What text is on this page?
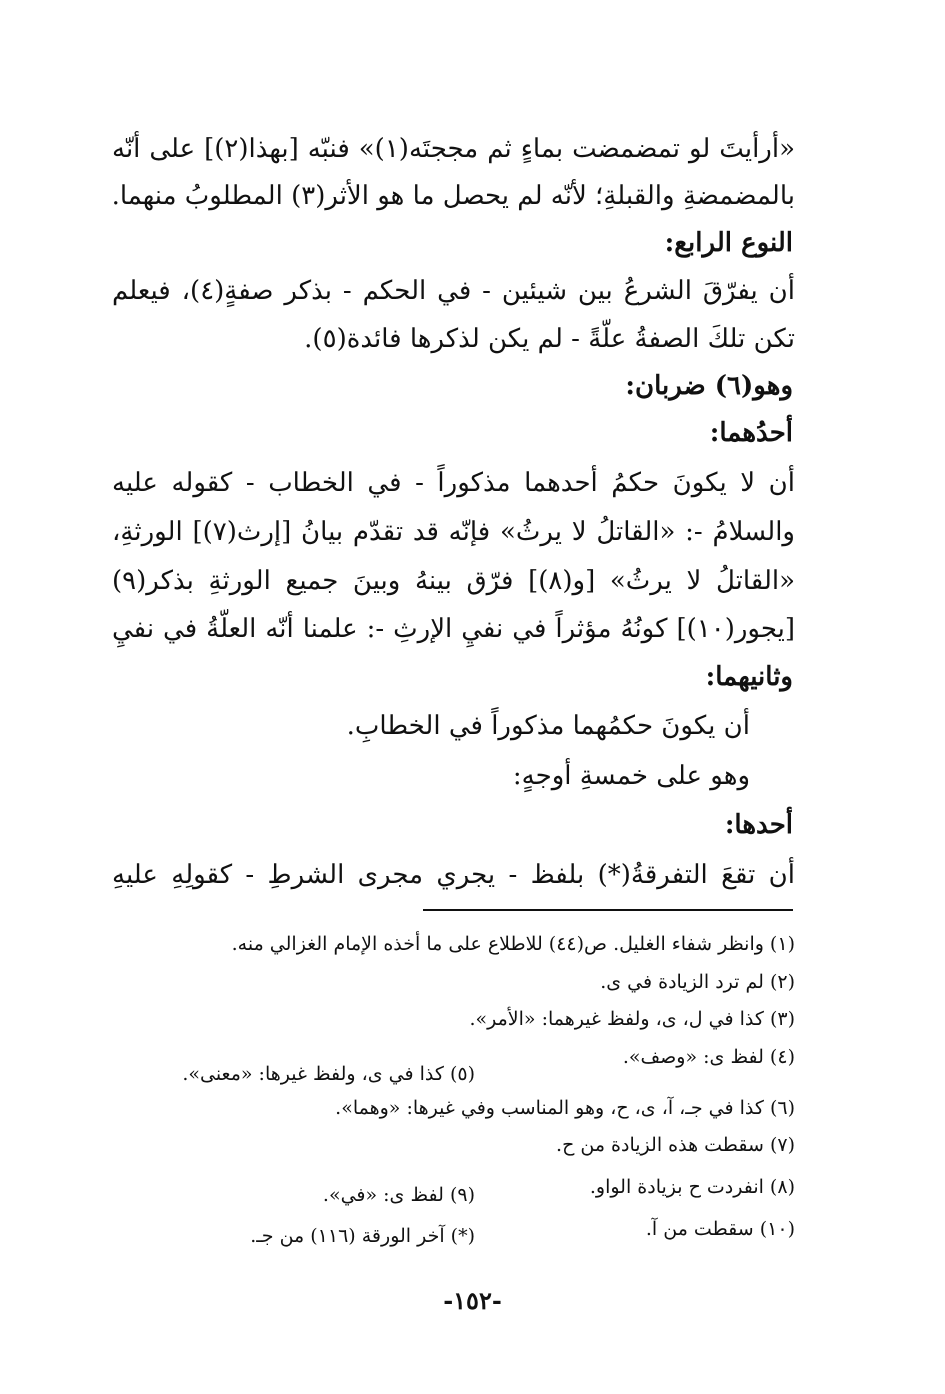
«أرأيتَ لو تمضمضت بماءٍ ثم مججتَه(١)» فنبّه [بهذا(٢)] على أنّه
بالمضمضةِ والقبلةِ؛ لأنّه لم يحصل ما هو الأثر(٣) المطلوبُ منهما.
النوع الرابع:
أن يفرّقَ الشرعُ بين شيئين - في الحكم - بذكر صفةٍ(٤)، فيعلم
تكن تلكَ الصفةُ علّةً - لم يكن لذكرها فائدة(٥).
وهو(٦) ضربان:
أحدُهما:
أن لا يكونَ حكمُ أحدهما مذكوراً - في الخطاب - كقوله عليه
والسلامُ -: «القاتلُ لا يرثُ» فإنّه قد تقدّم بيانُ [إرث(٧)] الورثةِ،
«القاتلُ لا يرثُ» [و(٨)] فرّق بينهُ وبينَ جميع الورثةِ بذكر(٩)
[يجور(١٠)] كونُهُ مؤثراً في نفيِ الإرثِ -: علمنا أنّه العلّةُ في نفيِ
وثانيهما:
أن يكونَ حكمُهما مذكوراً في الخطابِ.
وهو على خمسةِ أوجهٍ:
أحدها:
أن تقعَ التفرقةُ(*) بلفظ - يجري مجرى الشرطِ - كقولِهِ عليهِ
(١) وانظر شفاء الغليل. ص(٤٤) للاطلاع على ما أخذه الإمام الغزالي منه.
(٢) لم ترد الزيادة في ى.
(٣) كذا في ل، ى، ولفظ غيرهما: «الأمر».
(٤) لفظ ى: «وصف».
(٥) كذا في ى، ولفظ غيرها: «معنى».
(٦) كذا في جـ، آ، ى، ح، وهو المناسب وفي غيرها: «وهما».
(٧) سقطت هذه الزيادة من ح.
(٨) انفردت ح بزيادة الواو.
(٩) لفظ ى: «في».
(١٠) سقطت من آ.
(*) آخر الورقة (١١٦) من جـ.
-١٥٢-
